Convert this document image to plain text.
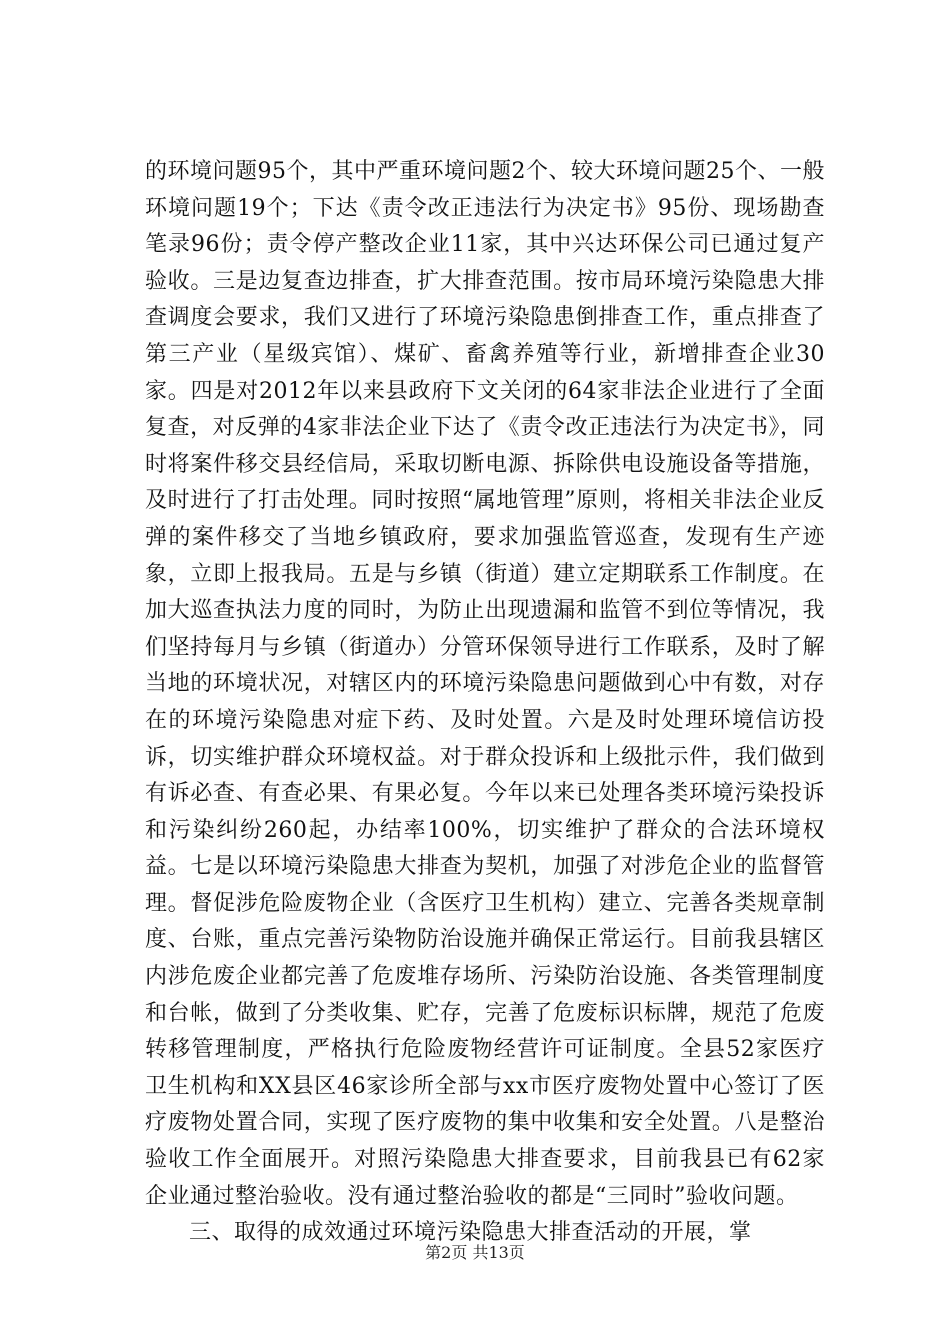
的环境问题95个，其中严重环境问题2个、较大环境问题25个、一般环境问题19个；下达《责令改正违法行为决定书》95份、现场勘查笔录96份；责令停产整改企业11家，其中兴达环保公司已通过复产验收。三是边复查边排查，扩大排查范围。按市局环境污染隐患大排查调度会要求，我们又进行了环境污染隐患倒排查工作，重点排查了第三产业（星级宾馆）、煤矿、畜禽养殖等行业，新增排查企业30家。四是对2012年以来县政府下文关闭的64家非法企业进行了全面复查，对反弹的4家非法企业下达了《责令改正违法行为决定书》，同时将案件移交县经信局，采取切断电源、拆除供电设施设备等措施，及时进行了打击处理。同时按照“属地管理”原则，将相关非法企业反弹的案件移交了当地乡镇政府，要求加强监管巡查，发现有生产迹象，立即上报我局。五是与乡镇（街道）建立定期联系工作制度。在加大巡查执法力度的同时，为防止出现遗漏和监管不到位等情况，我们坚持每月与乡镇（街道办）分管环保领导进行工作联系，及时了解当地的环境状况，对辖区内的环境污染隐患问题做到心中有数，对存在的环境污染隐患对症下药、及时处置。六是及时处理环境信访投诉，切实维护群众环境权益。对于群众投诉和上级批示件，我们做到有诉必查、有查必果、有果必复。今年以来已处理各类环境污染投诉和污染纠纷260起，办结率100%，切实维护了群众的合法环境权益。七是以环境污染隐患大排查为契机，加强了对涉危企业的监督管理。督促涉危险废物企业（含医疗卫生机构）建立、完善各类规章制度、台账，重点完善污染物防治设施并确保正常运行。目前我县辖区内涉危废企业都完善了危废堆存场所、污染防治设施、各类管理制度和台帐，做到了分类收集、贮存，完善了危废标识标牌，规范了危废转移管理制度，严格执行危险废物经营许可证制度。全县52家医疗卫生机构和XX县区46家诊所全部与xx市医疗废物处置中心签订了医疗废物处置合同，实现了医疗废物的集中收集和安全处置。八是整治验收工作全面展开。对照污染隐患大排查要求，目前我县已有62家企业通过整治验收。没有通过整治验收的都是“三同时”验收问题。

三、取得的成效通过环境污染隐患大排查活动的开展，掌

第2页 共13页
